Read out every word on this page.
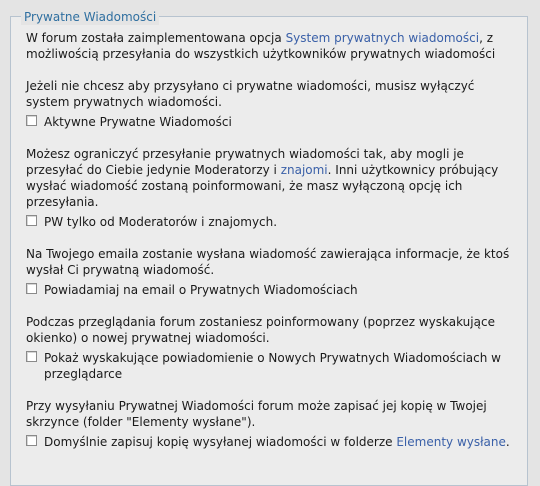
Prywatne Wiadomości

W forum została zaimplementowana opcja System prywatnych wiadomości, z możliwością przesyłania do wszystkich użytkowników prywatnych wiadomości

Jeżeli nie chcesz aby przysyłano ci prywatne wiadomości, musisz wyłączyć system prywatnych wiadomości.

Aktywne Prywatne Wiadomości

Możesz ograniczyć przesyłanie prywatnych wiadomości tak, aby mogli je przesyłać do Ciebie jedynie Moderatorzy i znajomi. Inni użytkownicy próbujący wysłać wiadomość zostaną poinformowani, że masz wyłączoną opcję ich przesyłania.

PW tylko od Moderatorów i znajomych.

Na Twojego emaila zostanie wysłana wiadomość zawierająca informacje, że ktoś wysłał Ci prywatną wiadomość.

Powiadamiaj na email o Prywatnych Wiadomościach

Podczas przeglądania forum zostaniesz poinformowany (poprzez wyskakujące okienko) o nowej prywatnej wiadomości.

Pokaż wyskakujące powiadomienie o Nowych Prywatnych Wiadomościach w przeglądarce

Przy wysyłaniu Prywatnej Wiadomości forum może zapisać jej kopię w Twojej skrzynce (folder "Elementy wysłane").

Domyślnie zapisuj kopię wysyłanej wiadomości w folderze Elementy wysłane.
